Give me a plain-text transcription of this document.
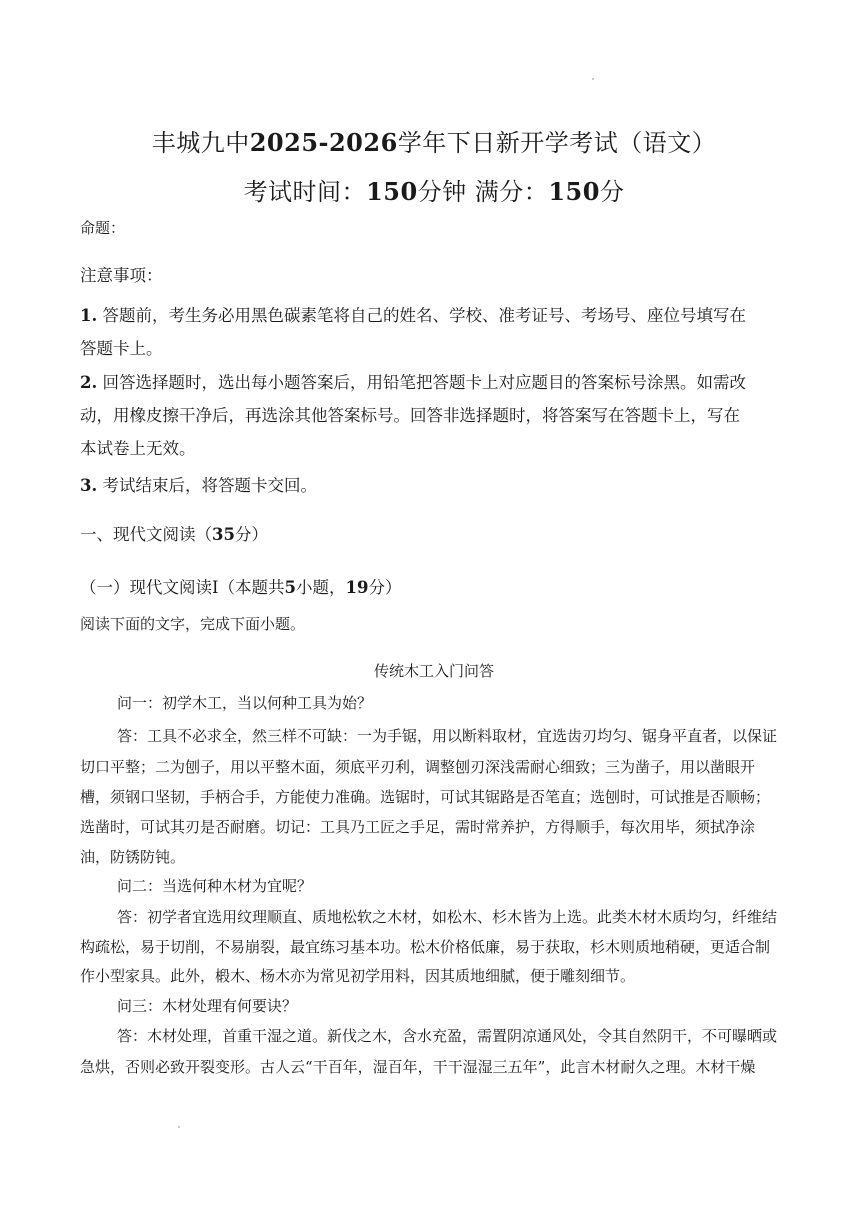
丰城九中2025-2026学年下日新开学考试（语文）
考试时间：150分钟 满分：150分
命题：
注意事项：
1. 答题前，考生务必用黑色碳素笔将自己的姓名、学校、准考证号、考场号、座位号填写在
答题卡上。
2. 回答选择题时，选出每小题答案后，用铅笔把答题卡上对应题目的答案标号涂黑。如需改
动，用橡皮擦干净后，再选涂其他答案标号。回答非选择题时，将答案写在答题卡上，写在
本试卷上无效。
3. 考试结束后，将答题卡交回。
一、现代文阅读（35分）
（一）现代文阅读Ⅰ（本题共5小题，19分）
阅读下面的文字，完成下面小题。
传统木工入门问答
问一：初学木工，当以何种工具为始？
答：工具不必求全，然三样不可缺：一为手锯，用以断料取材，宜选齿刃均匀、锯身平直者，以保证
切口平整；二为刨子，用以平整木面，须底平刃利，调整刨刃深浅需耐心细致；三为凿子，用以凿眼开
槽，须钢口坚韧，手柄合手，方能使力准确。选锯时，可试其锯路是否笔直；选刨时，可试推是否顺畅；
选凿时，可试其刃是否耐磨。切记：工具乃工匠之手足，需时常养护，方得顺手，每次用毕，须拭净涂
油，防锈防钝。
问二：当选何种木材为宜呢？
答：初学者宜选用纹理顺直、质地松软之木材，如松木、杉木皆为上选。此类木材木质均匀，纤维结
构疏松，易于切削，不易崩裂，最宜练习基本功。松木价格低廉，易于获取，杉木则质地稍硬，更适合制
作小型家具。此外，椴木、杨木亦为常见初学用料，因其质地细腻，便于雕刻细节。
问三：木材处理有何要诀？
答：木材处理，首重干湿之道。新伐之木，含水充盈，需置阴凉通风处，令其自然阴干，不可曝晒或
急烘，否则必致开裂变形。古人云“干百年，湿百年，干干湿湿三五年”，此言木材耐久之理。木材干燥
